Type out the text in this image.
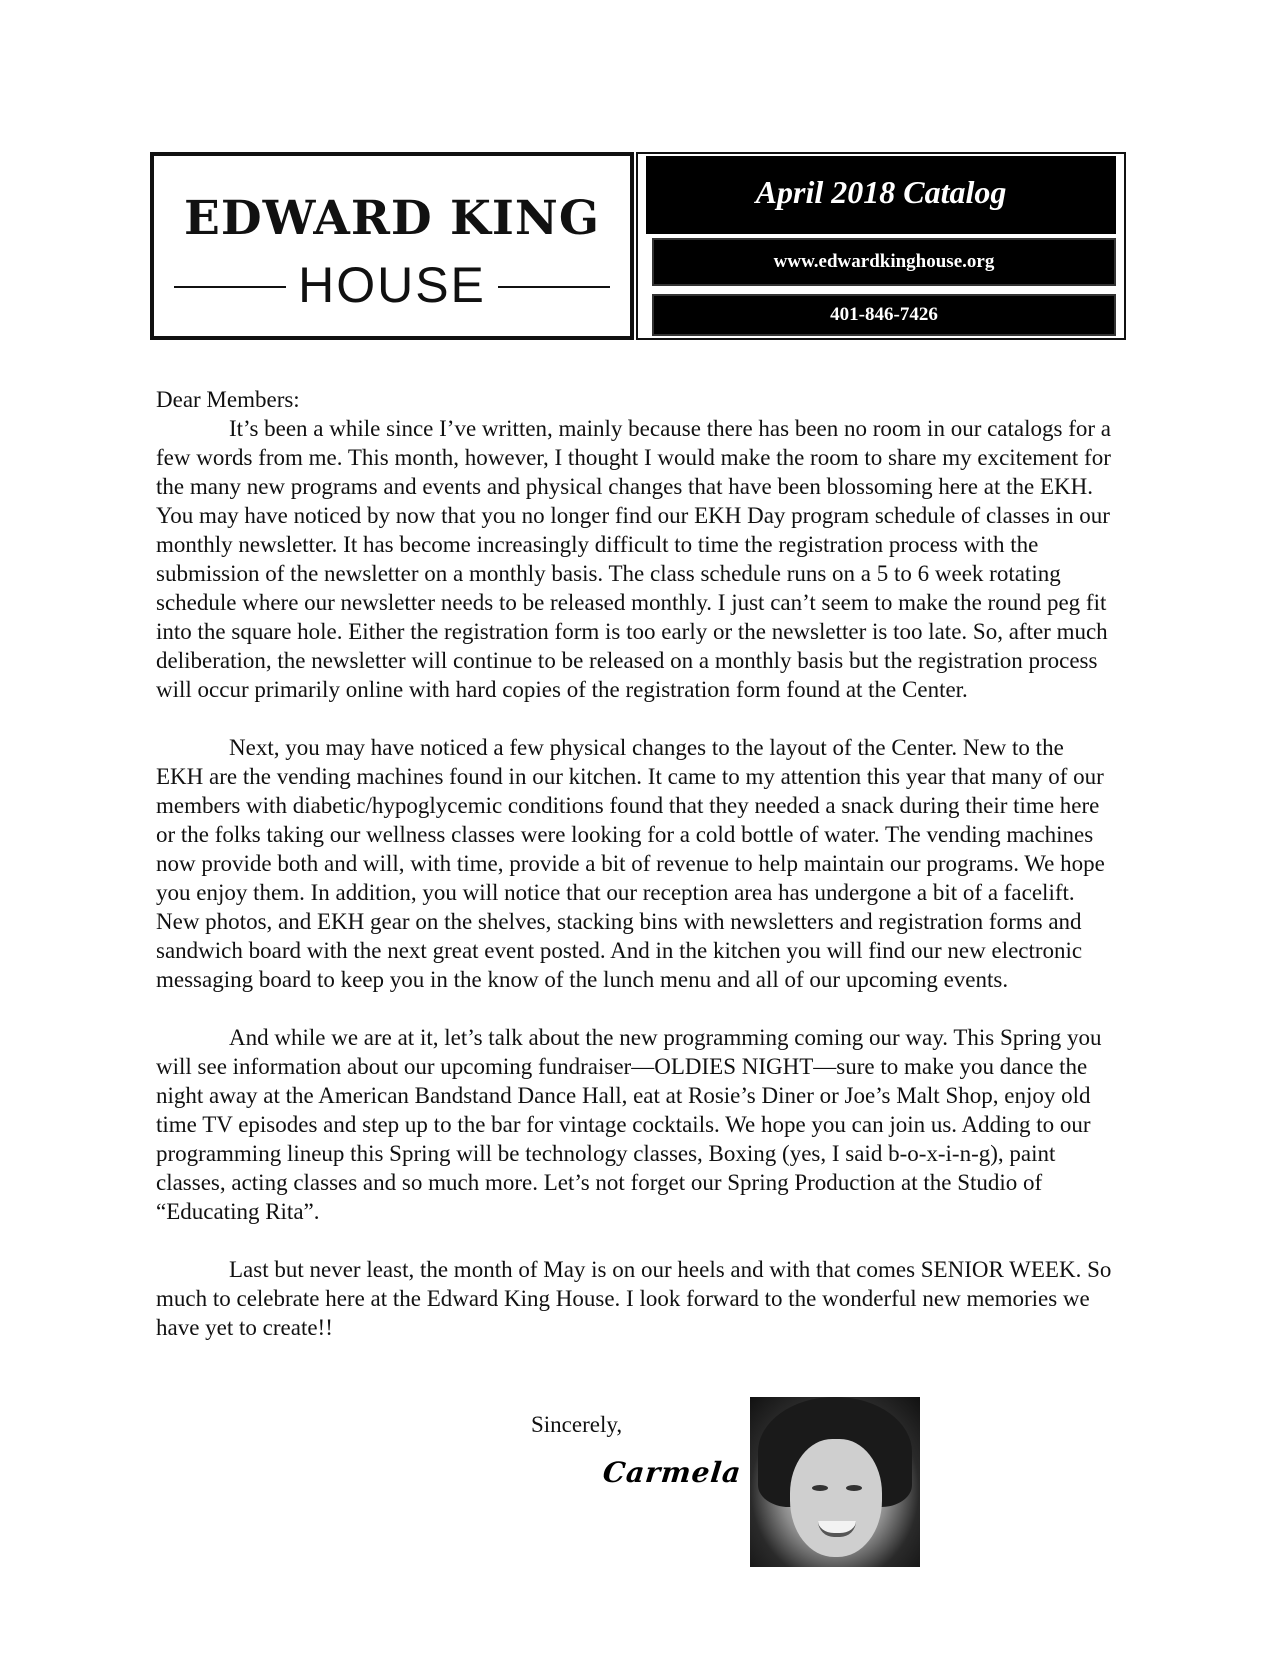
EDWARD KING
HOUSE
April 2018 Catalog
www.edwardkinghouse.org
401-846-7426

Dear Members:

It’s been a while since I’ve written, mainly because there has been no room in our catalogs for a few words from me. This month, however, I thought I would make the room to share my excitement for the many new programs and events and physical changes that have been blossoming here at the EKH. You may have noticed by now that you no longer find our EKH Day program schedule of classes in our monthly newsletter. It has become increasingly difficult to time the registration process with the submission of the newsletter on a monthly basis. The class schedule runs on a 5 to 6 week rotating schedule where our newsletter needs to be released monthly. I just can’t seem to make the round peg fit into the square hole. Either the registration form is too early or the newsletter is too late. So, after much deliberation, the newsletter will continue to be released on a monthly basis but the registration process will occur primarily online with hard copies of the registration form found at the Center.

Next, you may have noticed a few physical changes to the layout of the Center. New to the EKH are the vending machines found in our kitchen. It came to my attention this year that many of our members with diabetic/hypoglycemic conditions found that they needed a snack during their time here or the folks taking our wellness classes were looking for a cold bottle of water. The vending machines now provide both and will, with time, provide a bit of revenue to help maintain our programs. We hope you enjoy them. In addition, you will notice that our reception area has undergone a bit of a facelift. New photos, and EKH gear on the shelves, stacking bins with newsletters and registration forms and sandwich board with the next great event posted. And in the kitchen you will find our new electronic messaging board to keep you in the know of the lunch menu and all of our upcoming events.

And while we are at it, let’s talk about the new programming coming our way. This Spring you will see information about our upcoming fundraiser—OLDIES NIGHT—sure to make you dance the night away at the American Bandstand Dance Hall, eat at Rosie’s Diner or Joe’s Malt Shop, enjoy old time TV episodes and step up to the bar for vintage cocktails. We hope you can join us. Adding to our programming lineup this Spring will be technology classes, Boxing (yes, I said b-o-x-i-n-g), paint classes, acting classes and so much more. Let’s not forget our Spring Production at the Studio of “Educating Rita”.

Last but never least, the month of May is on our heels and with that comes SENIOR WEEK. So much to celebrate here at the Edward King House. I look forward to the wonderful new memories we have yet to create!!

Sincerely,
Carmela
